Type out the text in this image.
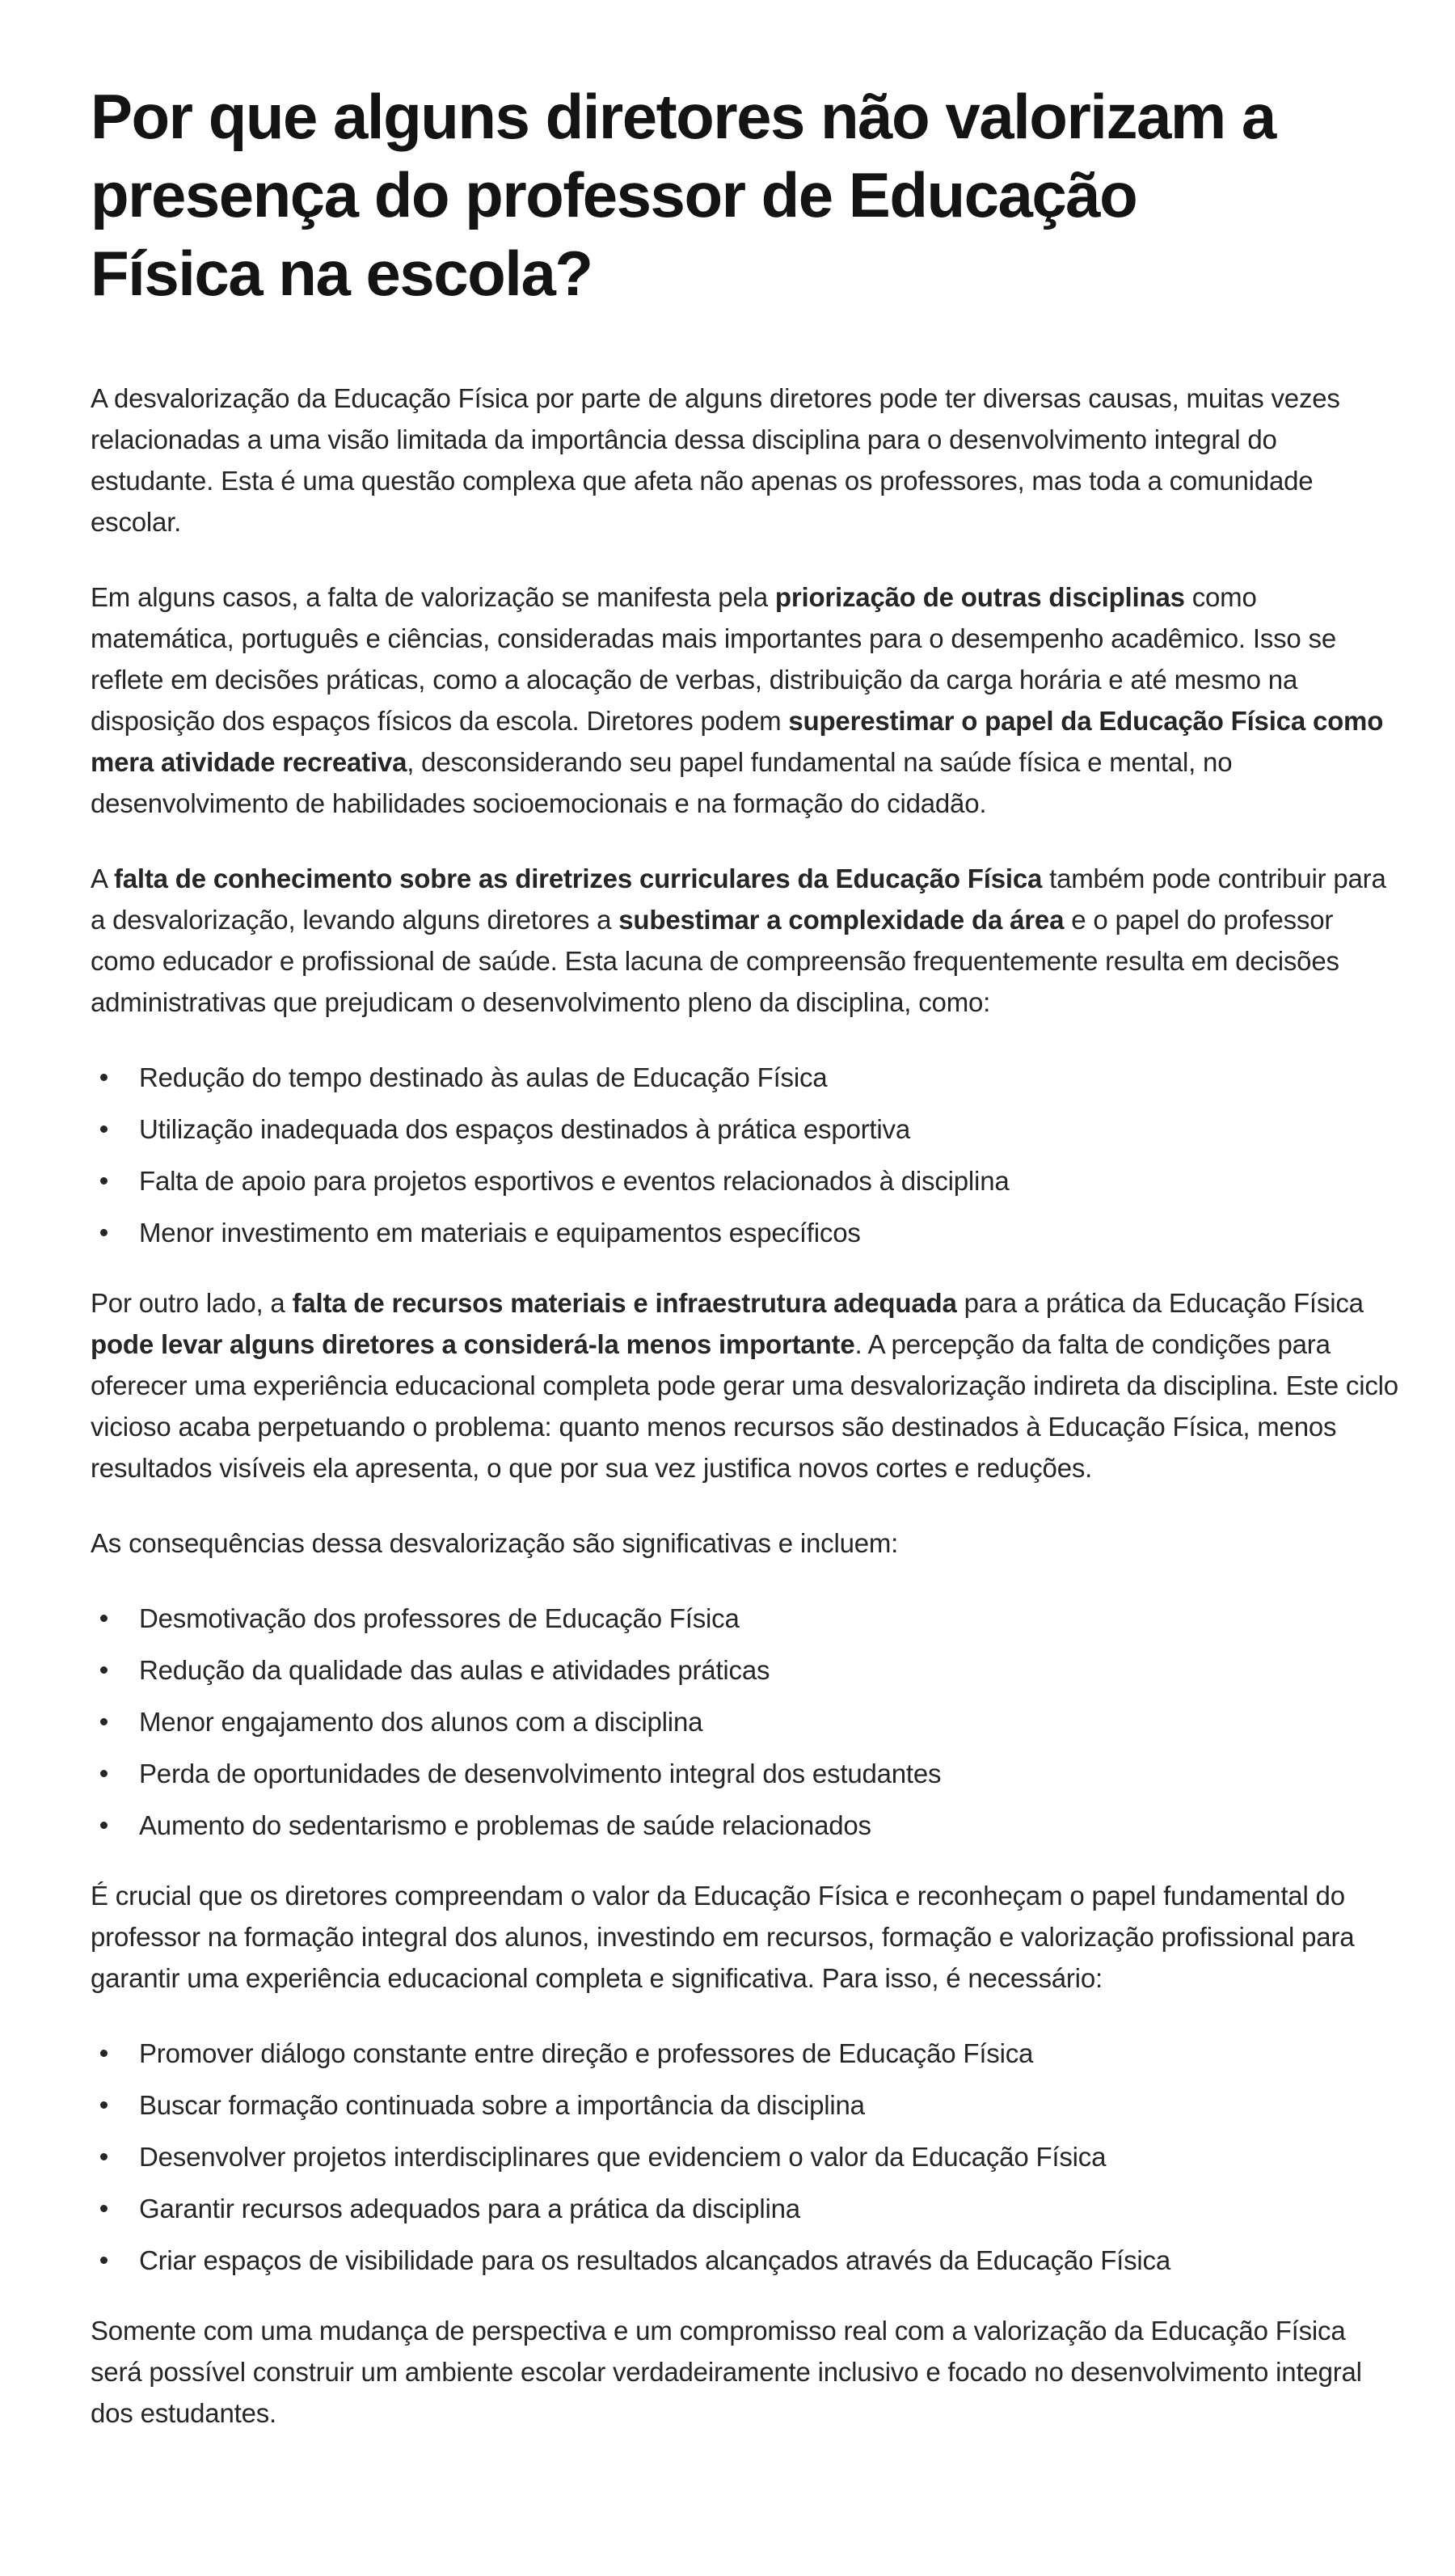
Por que alguns diretores não valorizam a
presença do professor de Educação
Física na escola?

A desvalorização da Educação Física por parte de alguns diretores pode ter diversas causas, muitas vezes relacionadas a uma visão limitada da importância dessa disciplina para o desenvolvimento integral do estudante. Esta é uma questão complexa que afeta não apenas os professores, mas toda a comunidade escolar.

Em alguns casos, a falta de valorização se manifesta pela priorização de outras disciplinas como matemática, português e ciências, consideradas mais importantes para o desempenho acadêmico. Isso se reflete em decisões práticas, como a alocação de verbas, distribuição da carga horária e até mesmo na disposição dos espaços físicos da escola. Diretores podem superestimar o papel da Educação Física como mera atividade recreativa, desconsiderando seu papel fundamental na saúde física e mental, no desenvolvimento de habilidades socioemocionais e na formação do cidadão.

A falta de conhecimento sobre as diretrizes curriculares da Educação Física também pode contribuir para a desvalorização, levando alguns diretores a subestimar a complexidade da área e o papel do professor como educador e profissional de saúde. Esta lacuna de compreensão frequentemente resulta em decisões administrativas que prejudicam o desenvolvimento pleno da disciplina, como:

Redução do tempo destinado às aulas de Educação Física
Utilização inadequada dos espaços destinados à prática esportiva
Falta de apoio para projetos esportivos e eventos relacionados à disciplina
Menor investimento em materiais e equipamentos específicos

Por outro lado, a falta de recursos materiais e infraestrutura adequada para a prática da Educação Física pode levar alguns diretores a considerá-la menos importante. A percepção da falta de condições para oferecer uma experiência educacional completa pode gerar uma desvalorização indireta da disciplina. Este ciclo vicioso acaba perpetuando o problema: quanto menos recursos são destinados à Educação Física, menos resultados visíveis ela apresenta, o que por sua vez justifica novos cortes e reduções.

As consequências dessa desvalorização são significativas e incluem:

Desmotivação dos professores de Educação Física
Redução da qualidade das aulas e atividades práticas
Menor engajamento dos alunos com a disciplina
Perda de oportunidades de desenvolvimento integral dos estudantes
Aumento do sedentarismo e problemas de saúde relacionados

É crucial que os diretores compreendam o valor da Educação Física e reconheçam o papel fundamental do professor na formação integral dos alunos, investindo em recursos, formação e valorização profissional para garantir uma experiência educacional completa e significativa. Para isso, é necessário:

Promover diálogo constante entre direção e professores de Educação Física
Buscar formação continuada sobre a importância da disciplina
Desenvolver projetos interdisciplinares que evidenciem o valor da Educação Física
Garantir recursos adequados para a prática da disciplina
Criar espaços de visibilidade para os resultados alcançados através da Educação Física

Somente com uma mudança de perspectiva e um compromisso real com a valorização da Educação Física será possível construir um ambiente escolar verdadeiramente inclusivo e focado no desenvolvimento integral dos estudantes.
